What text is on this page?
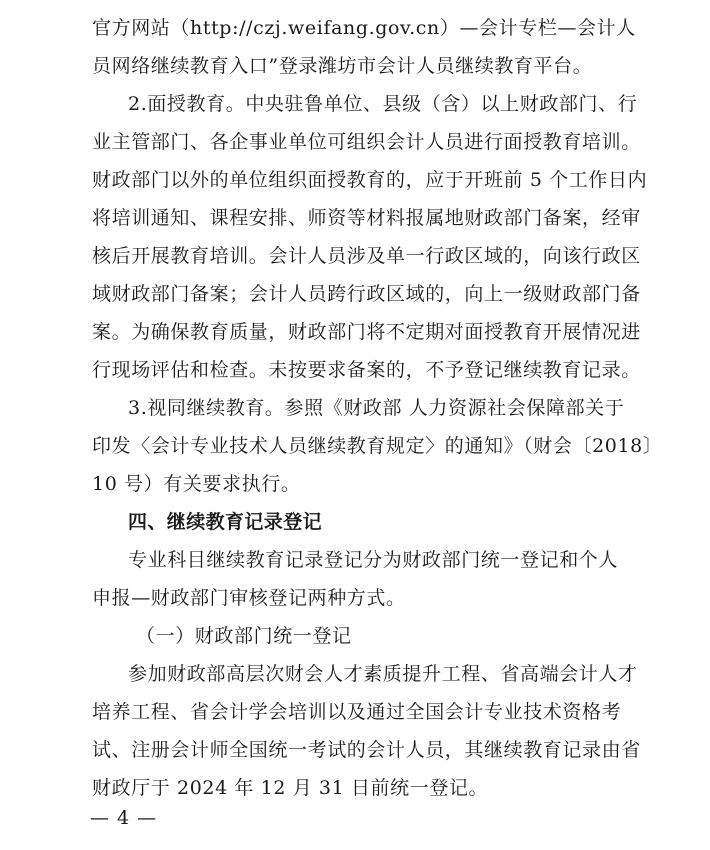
官方网站（http://czj.weifang.gov.cn）—会计专栏—会计人
员网络继续教育入口”登录潍坊市会计人员继续教育平台。
2.面授教育。中央驻鲁单位、县级（含）以上财政部门、行
业主管部门、各企事业单位可组织会计人员进行面授教育培训。
财政部门以外的单位组织面授教育的，应于开班前 5 个工作日内
将培训通知、课程安排、师资等材料报属地财政部门备案，经审
核后开展教育培训。会计人员涉及单一行政区域的，向该行政区
域财政部门备案；会计人员跨行政区域的，向上一级财政部门备
案。为确保教育质量，财政部门将不定期对面授教育开展情况进
行现场评估和检查。未按要求备案的，不予登记继续教育记录。
3.视同继续教育。参照《财政部 人力资源社会保障部关于
印发〈会计专业技术人员继续教育规定〉的通知》（财会〔2018〕
10 号）有关要求执行。
四、继续教育记录登记
专业科目继续教育记录登记分为财政部门统一登记和个人
申报—财政部门审核登记两种方式。
（一）财政部门统一登记
参加财政部高层次财会人才素质提升工程、省高端会计人才
培养工程、省会计学会培训以及通过全国会计专业技术资格考
试、注册会计师全国统一考试的会计人员，其继续教育记录由省
财政厅于 2024 年 12 月 31 日前统一登记。
— 4 —
